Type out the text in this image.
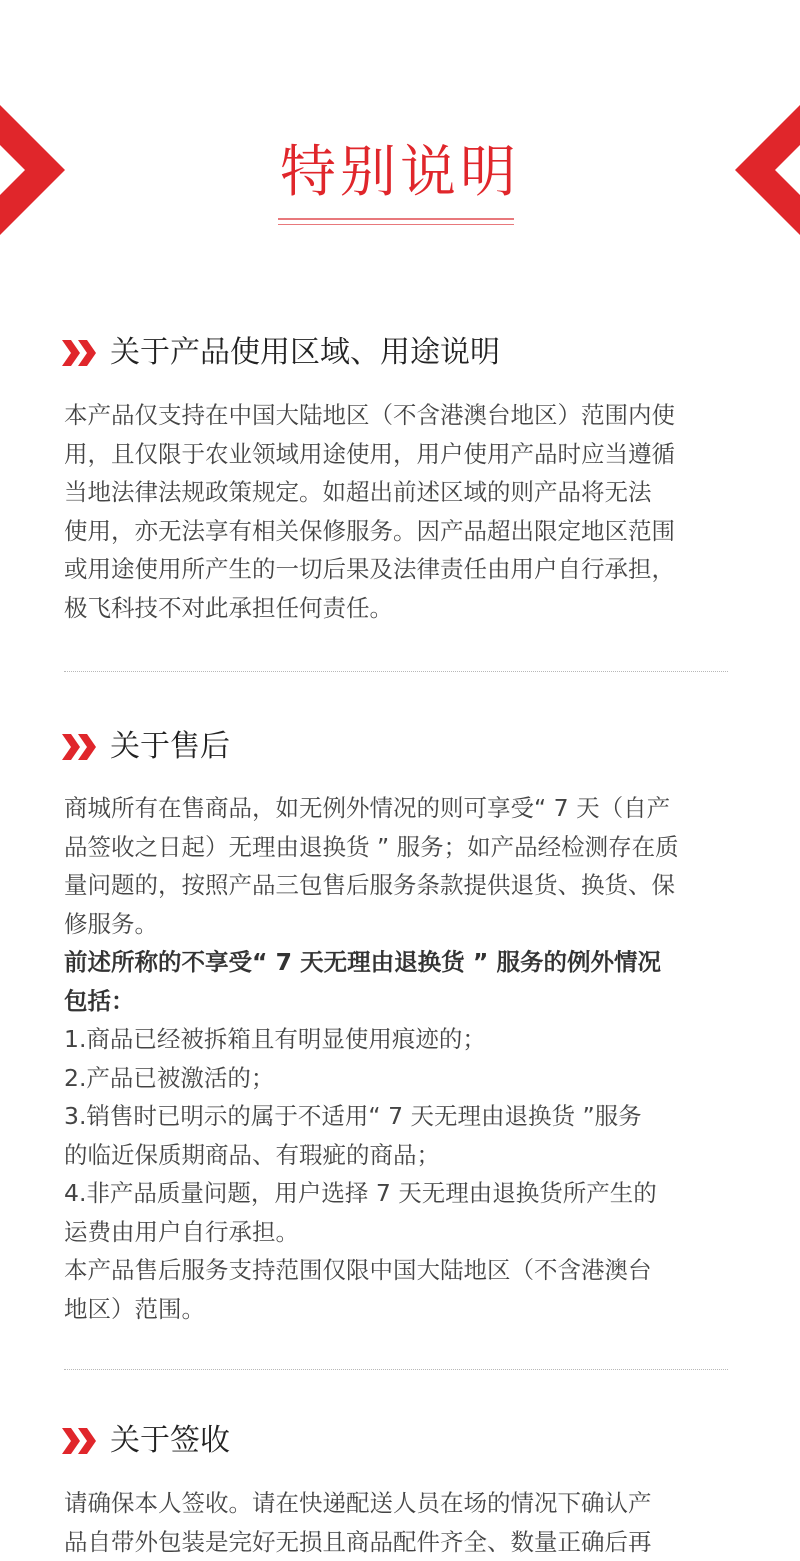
特别说明
关于产品使用区域、用途说明
本产品仅支持在中国大陆地区（不含港澳台地区）范围内使
用，且仅限于农业领域用途使用，用户使用产品时应当遵循
当地法律法规政策规定。如超出前述区域的则产品将无法
使用，亦无法享有相关保修服务。因产品超出限定地区范围
或用途使用所产生的一切后果及法律责任由用户自行承担，
极飞科技不对此承担任何责任。
关于售后
商城所有在售商品，如无例外情况的则可享受“ 7 天（自产
品签收之日起）无理由退换货 ” 服务；如产品经检测存在质
量问题的，按照产品三包售后服务条款提供退货、换货、保
修服务。
前述所称的不享受“ 7 天无理由退换货 ” 服务的例外情况
包括：
1.商品已经被拆箱且有明显使用痕迹的；
2.产品已被激活的；
3.销售时已明示的属于不适用“ 7 天无理由退换货 ”服务
的临近保质期商品、有瑕疵的商品；
4.非产品质量问题，用户选择 7 天无理由退换货所产生的
运费由用户自行承担。
本产品售后服务支持范围仅限中国大陆地区（不含港澳台
地区）范围。
关于签收
请确保本人签收。请在快递配送人员在场的情况下确认产
品自带外包装是完好无损且商品配件齐全、数量正确后再
